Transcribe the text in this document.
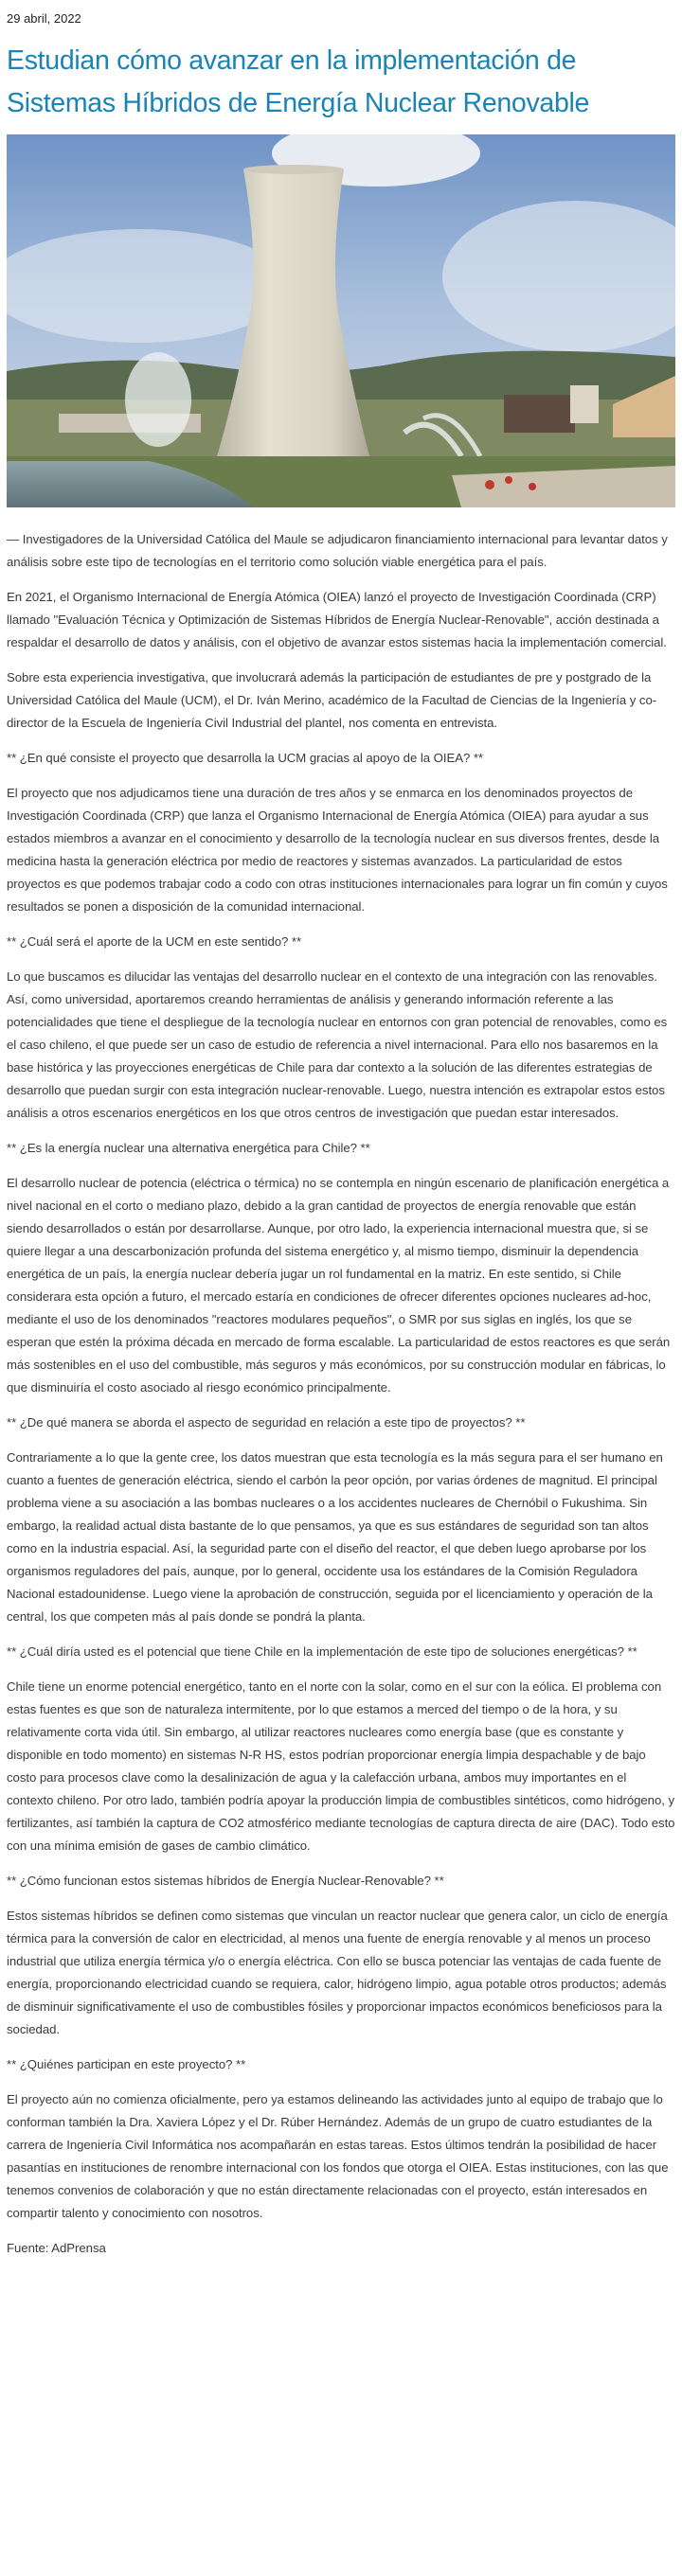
29 abril, 2022
Estudian cómo avanzar en la implementación de Sistemas Híbridos de Energía Nuclear Renovable

— Investigadores de la Universidad Católica del Maule se adjudicaron financiamiento internacional para levantar datos y análisis sobre este tipo de tecnologías en el territorio como solución viable energética para el país.

En 2021, el Organismo Internacional de Energía Atómica (OIEA) lanzó el proyecto de Investigación Coordinada (CRP) llamado "Evaluación Técnica y Optimización de Sistemas Híbridos de Energía Nuclear-Renovable", acción destinada a respaldar el desarrollo de datos y análisis, con el objetivo de avanzar estos sistemas hacia la implementación comercial.

Sobre esta experiencia investigativa, que involucrará además la participación de estudiantes de pre y postgrado de la Universidad Católica del Maule (UCM), el Dr. Iván Merino, académico de la Facultad de Ciencias de la Ingeniería y co-director de la Escuela de Ingeniería Civil Industrial del plantel, nos comenta en entrevista.

** ¿En qué consiste el proyecto que desarrolla la UCM gracias al apoyo de la OIEA? **

El proyecto que nos adjudicamos tiene una duración de tres años y se enmarca en los denominados proyectos de Investigación Coordinada (CRP) que lanza el Organismo Internacional de Energía Atómica (OIEA) para ayudar a sus estados miembros a avanzar en el conocimiento y desarrollo de la tecnología nuclear en sus diversos frentes, desde la medicina hasta la generación eléctrica por medio de reactores y sistemas avanzados. La particularidad de estos proyectos es que podemos trabajar codo a codo con otras instituciones internacionales para lograr un fin común y cuyos resultados se ponen a disposición de la comunidad internacional.

** ¿Cuál será el aporte de la UCM en este sentido? **

Lo que buscamos es dilucidar las ventajas del desarrollo nuclear en el contexto de una integración con las renovables. Así, como universidad, aportaremos creando herramientas de análisis y generando información referente a las potencialidades que tiene el despliegue de la tecnología nuclear en entornos con gran potencial de renovables, como es el caso chileno, el que puede ser un caso de estudio de referencia a nivel internacional. Para ello nos basaremos en la base histórica y las proyecciones energéticas de Chile para dar contexto a la solución de las diferentes estrategias de desarrollo que puedan surgir con esta integración nuclear-renovable. Luego, nuestra intención es extrapolar estos estos análisis a otros escenarios energéticos en los que otros centros de investigación que puedan estar interesados.

** ¿Es la energía nuclear una alternativa energética para Chile? **

El desarrollo nuclear de potencia (eléctrica o térmica) no se contempla en ningún escenario de planificación energética a nivel nacional en el corto o mediano plazo, debido a la gran cantidad de proyectos de energía renovable que están siendo desarrollados o están por desarrollarse. Aunque, por otro lado, la experiencia internacional muestra que, si se quiere llegar a una descarbonización profunda del sistema energético y, al mismo tiempo, disminuir la dependencia energética de un país, la energía nuclear debería jugar un rol fundamental en la matriz. En este sentido, si Chile considerara esta opción a futuro, el mercado estaría en condiciones de ofrecer diferentes opciones nucleares ad-hoc, mediante el uso de los denominados "reactores modulares pequeños", o SMR por sus siglas en inglés, los que se esperan que estén la próxima década en mercado de forma escalable. La particularidad de estos reactores es que serán más sostenibles en el uso del combustible, más seguros y más económicos, por su construcción modular en fábricas, lo que disminuiría el costo asociado al riesgo económico principalmente.

** ¿De qué manera se aborda el aspecto de seguridad en relación a este tipo de proyectos? **

Contrariamente a lo que la gente cree, los datos muestran que esta tecnología es la más segura para el ser humano en cuanto a fuentes de generación eléctrica, siendo el carbón la peor opción, por varias órdenes de magnitud. El principal problema viene a su asociación a las bombas nucleares o a los accidentes nucleares de Chernóbil o Fukushima. Sin embargo, la realidad actual dista bastante de lo que pensamos, ya que es sus estándares de seguridad son tan altos como en la industria espacial. Así, la seguridad parte con el diseño del reactor, el que deben luego aprobarse por los organismos reguladores del país, aunque, por lo general, occidente usa los estándares de la Comisión Reguladora Nacional estadounidense. Luego viene la aprobación de construcción, seguida por el licenciamiento y operación de la central, los que competen más al país donde se pondrá la planta.

** ¿Cuál diría usted es el potencial que tiene Chile en la implementación de este tipo de soluciones energéticas? **

Chile tiene un enorme potencial energético, tanto en el norte con la solar, como en el sur con la eólica. El problema con estas fuentes es que son de naturaleza intermitente, por lo que estamos a merced del tiempo o de la hora, y su relativamente corta vida útil. Sin embargo, al utilizar reactores nucleares como energía base (que es constante y disponible en todo momento) en sistemas N-R HS, estos podrían proporcionar energía limpia despachable y de bajo costo para procesos clave como la desalinización de agua y la calefacción urbana, ambos muy importantes en el contexto chileno. Por otro lado, también podría apoyar la producción limpia de combustibles sintéticos, como hidrógeno, y fertilizantes, así también la captura de CO2 atmosférico mediante tecnologías de captura directa de aire (DAC). Todo esto con una mínima emisión de gases de cambio climático.

** ¿Cómo funcionan estos sistemas híbridos de Energía Nuclear-Renovable? **

Estos sistemas híbridos se definen como sistemas que vinculan un reactor nuclear que genera calor, un ciclo de energía térmica para la conversión de calor en electricidad, al menos una fuente de energía renovable y al menos un proceso industrial que utiliza energía térmica y/o o energía eléctrica. Con ello se busca potenciar las ventajas de cada fuente de energía, proporcionando electricidad cuando se requiera, calor, hidrógeno limpio, agua potable otros productos; además de disminuir significativamente el uso de combustibles fósiles y proporcionar impactos económicos beneficiosos para la sociedad.

** ¿Quiénes participan en este proyecto? **

El proyecto aún no comienza oficialmente, pero ya estamos delineando las actividades junto al equipo de trabajo que lo conforman también la Dra. Xaviera López y el Dr. Rúber Hernández. Además de un grupo de cuatro estudiantes de la carrera de Ingeniería Civil Informática nos acompañarán en estas tareas. Estos últimos tendrán la posibilidad de hacer pasantías en instituciones de renombre internacional con los fondos que otorga el OIEA. Estas instituciones, con las que tenemos convenios de colaboración y que no están directamente relacionadas con el proyecto, están interesados en compartir talento y conocimiento con nosotros.

Fuente: AdPrensa
